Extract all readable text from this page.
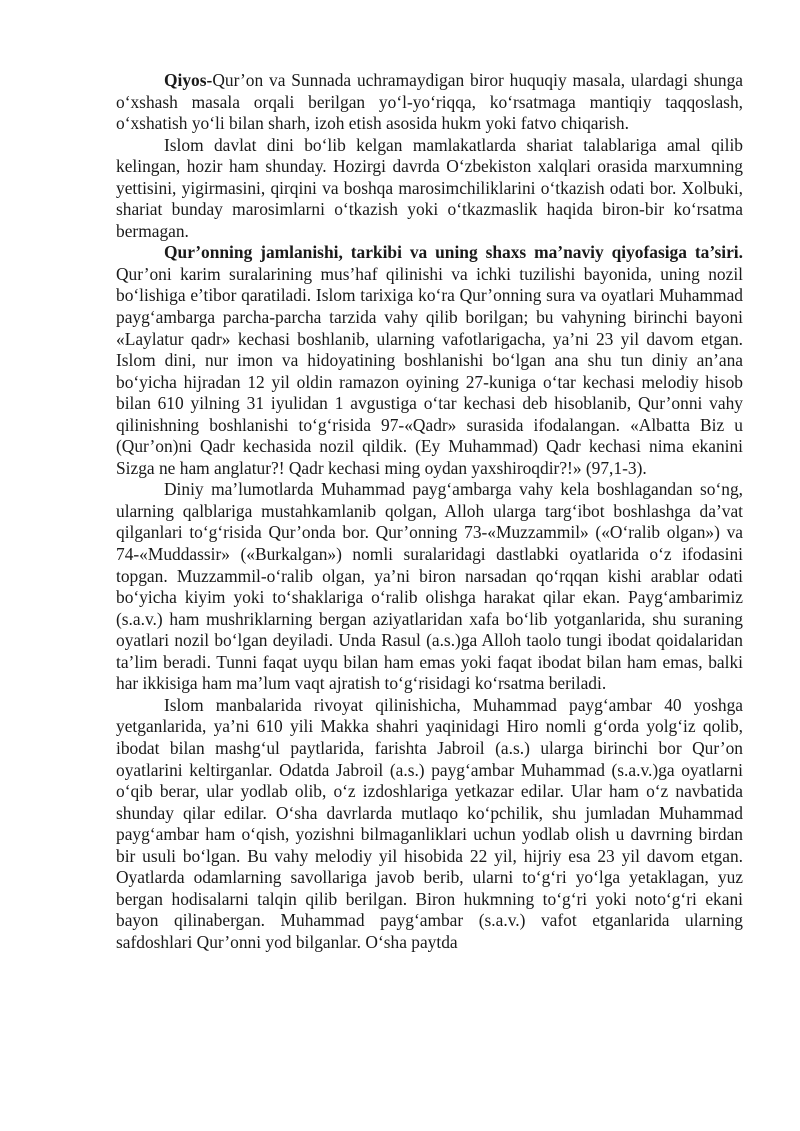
Qiyos-Qur’on va Sunnada uchramaydigan biror huquqiy masala, ulardagi shunga o‘xshash masala orqali berilgan yo‘l-yo‘riqqa, ko‘rsatmaga mantiqiy taqqoslash, o‘xshatish yo‘li bilan sharh, izoh etish asosida hukm yoki fatvo chiqarish.

Islom davlat dini bo‘lib kelgan mamlakatlarda shariat talablariga amal qilib kelingan, hozir ham shunday. Hozirgi davrda O‘zbekiston xalqlari orasida marxumning yettisini, yigirmasini, qirqini va boshqa marosimchiliklarini o‘tkazish odati bor. Xolbuki, shariat bunday marosimlarni o‘tkazish yoki o‘tkazmaslik haqida biron-bir ko‘rsatma bermagan.

Qur’onning jamlanishi, tarkibi va uning shaxs ma’naviy qiyofasiga ta’siri. Qur’oni karim suralarining mus’haf qilinishi va ichki tuzilishi bayonida, uning nozil bo‘lishiga e’tibor qaratiladi. Islom tarixiga ko‘ra Qur’onning sura va oyatlari Muhammad payg‘ambarga parcha-parcha tarzida vahy qilib borilgan; bu vahyning birinchi bayoni «Laylatur qadr» kechasi boshlanib, ularning vafotlarigacha, ya’ni 23 yil davom etgan. Islom dini, nur imon va hidoyatining boshlanishi bo‘lgan ana shu tun diniy an’ana bo‘yicha hijradan 12 yil oldin ramazon oyining 27-kuniga o‘tar kechasi melodiy hisob bilan 610 yilning 31 iyulidan 1 avgustiga o‘tar kechasi deb hisoblanib, Qur’onni vahy qilinishning boshlanishi to‘g‘risida 97-«Qadr» surasida ifodalangan. «Albatta Biz u (Qur’on)ni Qadr kechasida nozil qildik. (Ey Muhammad) Qadr kechasi nima ekanini Sizga ne ham anglatur?! Qadr kechasi ming oydan yaxshiroqdir?!» (97,1-3).

Diniy ma’lumotlarda Muhammad payg‘ambarga vahy kela boshlagandan so‘ng, ularning qalblariga mustahkamlanib qolgan, Alloh ularga targ‘ibot boshlashga da’vat qilganlari to‘g‘risida Qur’onda bor. Qur’onning 73-«Muzzammil» («O‘ralib olgan») va 74-«Muddassir» («Burkalgan») nomli suralaridagi dastlabki oyatlarida o‘z ifodasini topgan. Muzzammil-o‘ralib olgan, ya’ni biron narsadan qo‘rqqan kishi arablar odati bo‘yicha kiyim yoki to‘shaklariga o‘ralib olishga harakat qilar ekan. Payg‘ambarimiz (s.a.v.) ham mushriklarning bergan aziyatlaridan xafa bo‘lib yotganlarida, shu suraning oyatlari nozil bo‘lgan deyiladi. Unda Rasul (a.s.)ga Alloh taolo tungi ibodat qoidalaridan ta’lim beradi. Tunni faqat uyqu bilan ham emas yoki faqat ibodat bilan ham emas, balki har ikkisiga ham ma’lum vaqt ajratish to‘g‘risidagi ko‘rsatma beriladi.

Islom manbalarida rivoyat qilinishicha, Muhammad payg‘ambar 40 yoshga yetganlarida, ya’ni 610 yili Makka shahri yaqinidagi Hiro nomli g‘orda yolg‘iz qolib, ibodat bilan mashg‘ul paytlarida, farishta Jabroil (a.s.) ularga birinchi bor Qur’on oyatlarini keltirganlar. Odatda Jabroil (a.s.) payg‘ambar Muhammad (s.a.v.)ga oyatlarni o‘qib berar, ular yodlab olib, o‘z izdoshlariga yetkazar edilar. Ular ham o‘z navbatida shunday qilar edilar. O‘sha davrlarda mutlaqo ko‘pchilik, shu jumladan Muhammad payg‘ambar ham o‘qish, yozishni bilmaganliklari uchun yodlab olish u davrning birdan bir usuli bo‘lgan. Bu vahy melodiy yil hisobida 22 yil, hijriy esa 23 yil davom etgan. Oyatlarda odamlarning savollariga javob berib, ularni to‘g‘ri yo‘lga yetaklagan, yuz bergan hodisalarni talqin qilib berilgan. Biron hukmning to‘g‘ri yoki noto‘g‘ri ekani bayon qilinabergan. Muhammad payg‘ambar (s.a.v.) vafot etganlarida ularning safdoshlari Qur’onni yod bilganlar. O‘sha paytda
